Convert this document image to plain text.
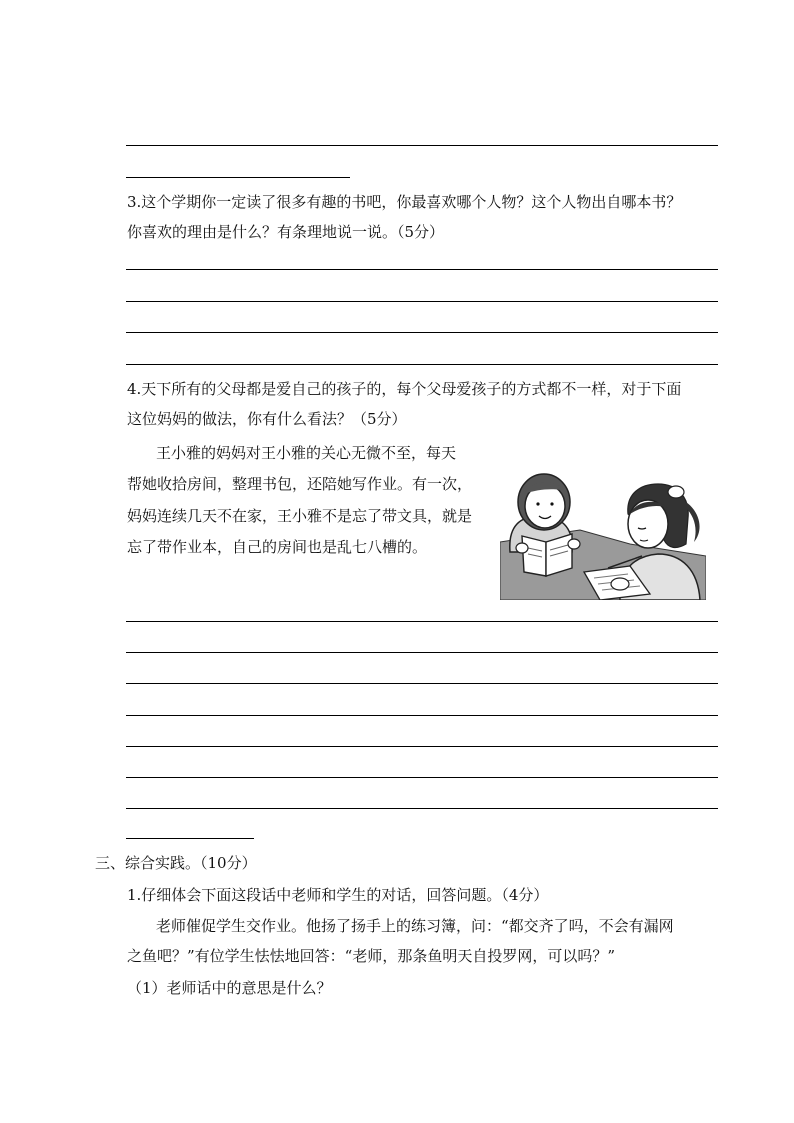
3.这个学期你一定读了很多有趣的书吧，你最喜欢哪个人物？这个人物出自哪本书？
你喜欢的理由是什么？有条理地说一说。（5分）
4.天下所有的父母都是爱自己的孩子的，每个父母爱孩子的方式都不一样，对于下面
这位妈妈的做法，你有什么看法？（5分）
王小雅的妈妈对王小雅的关心无微不至，每天
帮她收拾房间，整理书包，还陪她写作业。有一次，
妈妈连续几天不在家，王小雅不是忘了带文具，就是
忘了带作业本，自己的房间也是乱七八槽的。
三、综合实践。（10分）
1.仔细体会下面这段话中老师和学生的对话，回答问题。（4分）
老师催促学生交作业。他扬了扬手上的练习簿，问：“都交齐了吗，不会有漏网
之鱼吧？”有位学生怯怯地回答：“老师，那条鱼明天自投罗网，可以吗？”
（1）老师话中的意思是什么？
